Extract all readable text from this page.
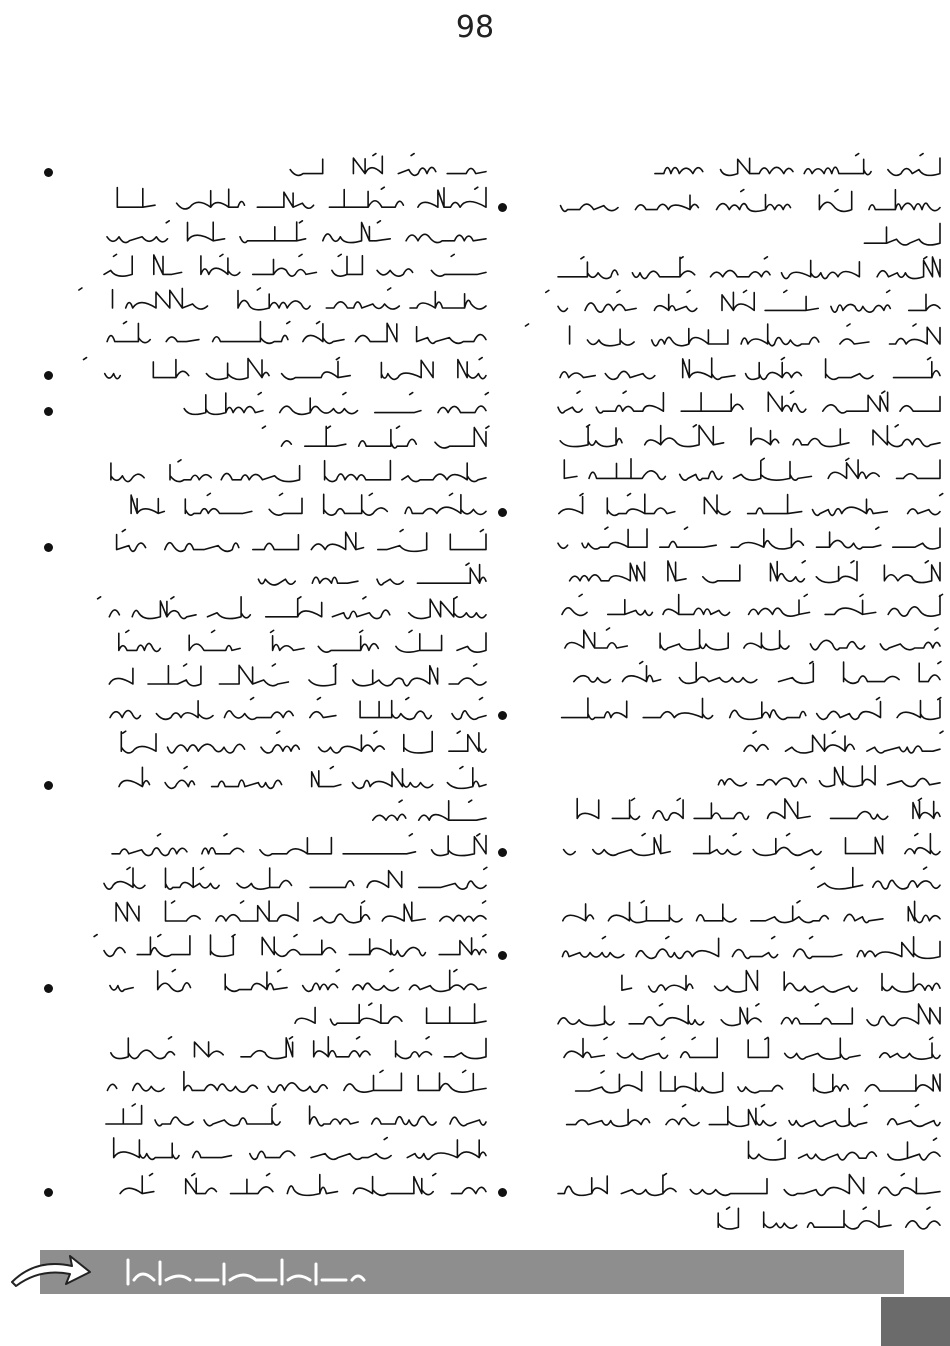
98
